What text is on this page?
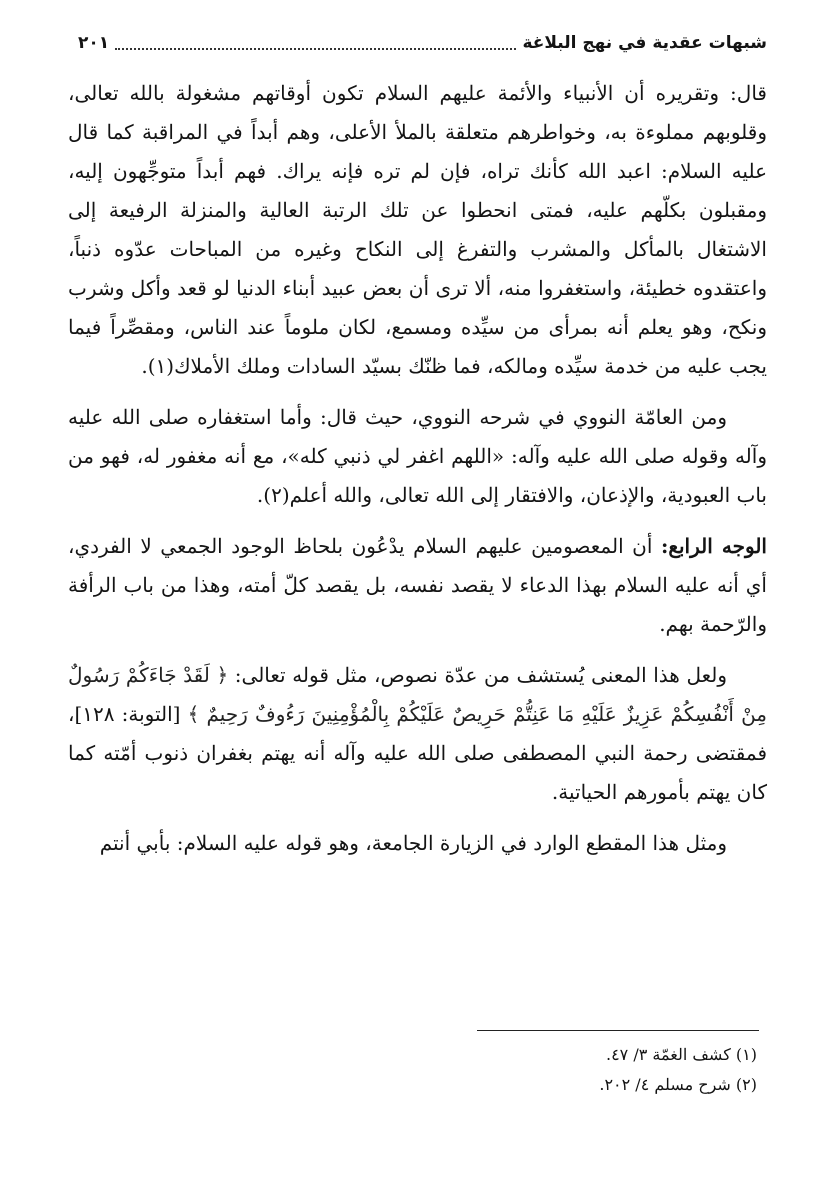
شبهات عقدية في نهج البلاغة
٢٠١

قال: وتقريره أن الأنبياء والأئمة عليهم السلام تكون أوقاتهم مشغولة بالله تعالى، وقلوبهم مملوءة به، وخواطرهم متعلقة بالملأ الأعلى، وهم أبداً في المراقبة كما قال عليه السلام: اعبد الله كأنك تراه، فإن لم تره فإنه يراك. فهم أبداً متوجِّهون إليه، ومقبلون بكلّهم عليه، فمتى انحطوا عن تلك الرتبة العالية والمنزلة الرفيعة إلى الاشتغال بالمأكل والمشرب والتفرغ إلى النكاح وغيره من المباحات عدّوه ذنباً، واعتقدوه خطيئة، واستغفروا منه، ألا ترى أن بعض عبيد أبناء الدنيا لو قعد وأكل وشرب ونكح، وهو يعلم أنه بمرأى من سيِّده ومسمع، لكان ملوماً عند الناس، ومقصِّراً فيما يجب عليه من خدمة سيِّده ومالكه، فما ظنّك بسيّد السادات وملك الأملاك(١).

ومن العامّة النووي في شرحه النووي، حيث قال: وأما استغفاره صلى الله عليه وآله وقوله صلى الله عليه وآله: «اللهم اغفر لي ذنبي كله»، مع أنه مغفور له، فهو من باب العبودية، والإذعان، والافتقار إلى الله تعالى، والله أعلم(٢).

الوجه الرابع: أن المعصومين عليهم السلام يدْعُون بلحاظ الوجود الجمعي لا الفردي، أي أنه عليه السلام بهذا الدعاء لا يقصد نفسه، بل يقصد كلّ أمته، وهذا من باب الرأفة والرّحمة بهم.

ولعل هذا المعنى يُستشف من عدّة نصوص، مثل قوله تعالى: ﴿ لَقَدْ جَاءَكُمْ رَسُولٌ مِنْ أَنْفُسِكُمْ عَزِيزٌ عَلَيْهِ مَا عَنِتُّمْ حَرِيصٌ عَلَيْكُمْ بِالْمُؤْمِنِينَ رَءُوفٌ رَحِيمٌ ﴾ [التوبة: ١٢٨]، فمقتضى رحمة النبي المصطفى صلى الله عليه وآله أنه يهتم بغفران ذنوب أمّته كما كان يهتم بأمورهم الحياتية.

ومثل هذا المقطع الوارد في الزيارة الجامعة، وهو قوله عليه السلام: بأبي أنتم

(١) كشف الغمّة ٣/ ٤٧.
(٢) شرح مسلم ٤/ ٢٠٢.
